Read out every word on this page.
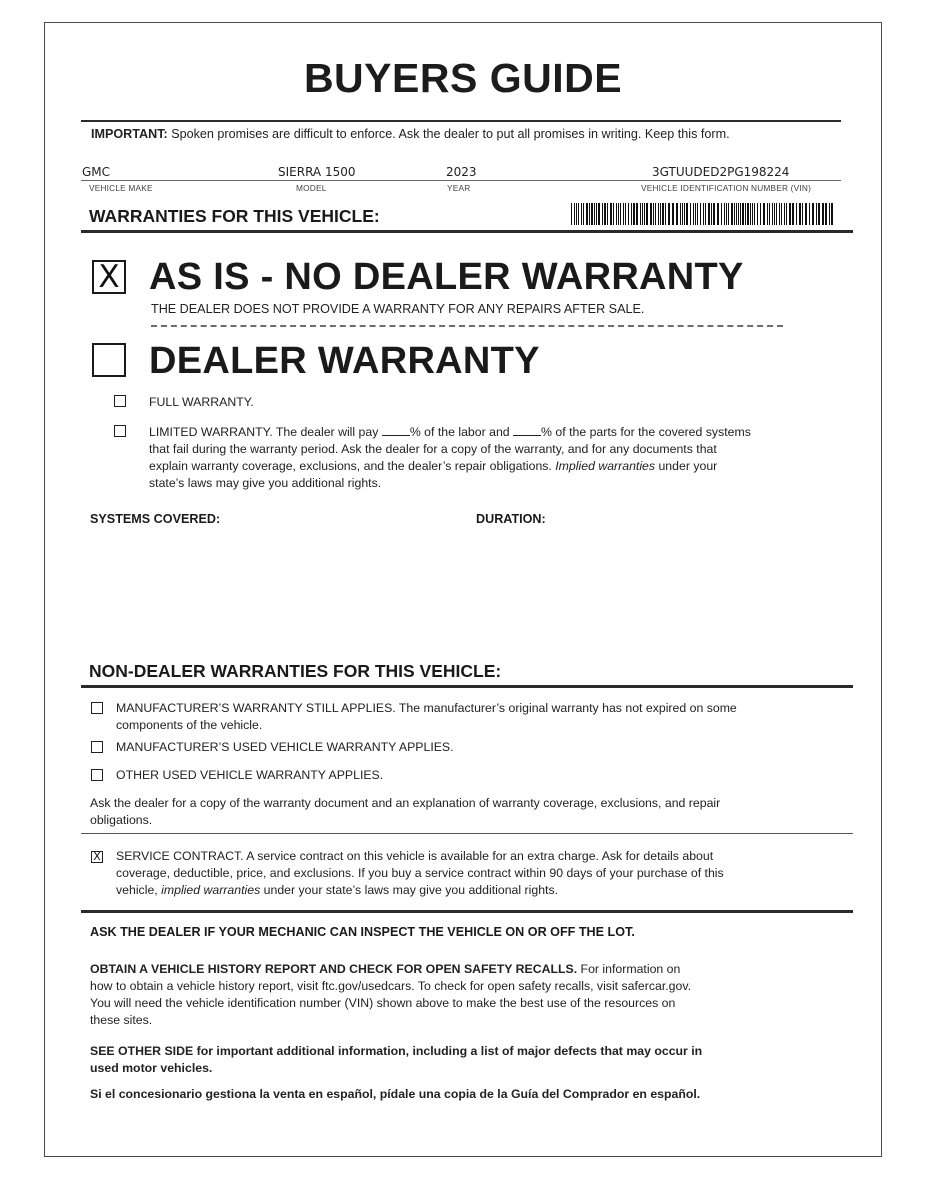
BUYERS GUIDE
IMPORTANT: Spoken promises are difficult to enforce. Ask the dealer to put all promises in writing. Keep this form.
GMC
VEHICLE MAKE
SIERRA 1500
MODEL
2023
YEAR
3GTUUDED2PG198224
VEHICLE IDENTIFICATION NUMBER (VIN)
WARRANTIES FOR THIS VEHICLE:
X AS IS - NO DEALER WARRANTY
THE DEALER DOES NOT PROVIDE A WARRANTY FOR ANY REPAIRS AFTER SALE.
DEALER WARRANTY
FULL WARRANTY.
LIMITED WARRANTY. The dealer will pay % of the labor and % of the parts for the covered systems
that fail during the warranty period. Ask the dealer for a copy of the warranty, and for any documents that
explain warranty coverage, exclusions, and the dealer’s repair obligations. Implied warranties under your
state’s laws may give you additional rights.
SYSTEMS COVERED:	DURATION:
NON-DEALER WARRANTIES FOR THIS VEHICLE:
MANUFACTURER’S WARRANTY STILL APPLIES. The manufacturer’s original warranty has not expired on some
components of the vehicle.
MANUFACTURER’S USED VEHICLE WARRANTY APPLIES.
OTHER USED VEHICLE WARRANTY APPLIES.
Ask the dealer for a copy of the warranty document and an explanation of warranty coverage, exclusions, and repair
obligations.
X SERVICE CONTRACT. A service contract on this vehicle is available for an extra charge. Ask for details about
coverage, deductible, price, and exclusions. If you buy a service contract within 90 days of your purchase of this
vehicle, implied warranties under your state’s laws may give you additional rights.
ASK THE DEALER IF YOUR MECHANIC CAN INSPECT THE VEHICLE ON OR OFF THE LOT.
OBTAIN A VEHICLE HISTORY REPORT AND CHECK FOR OPEN SAFETY RECALLS. For information on
how to obtain a vehicle history report, visit ftc.gov/usedcars. To check for open safety recalls, visit safercar.gov.
You will need the vehicle identification number (VIN) shown above to make the best use of the resources on
these sites.
SEE OTHER SIDE for important additional information, including a list of major defects that may occur in
used motor vehicles.
Si el concesionario gestiona la venta en español, pídale una copia de la Guía del Comprador en español.
